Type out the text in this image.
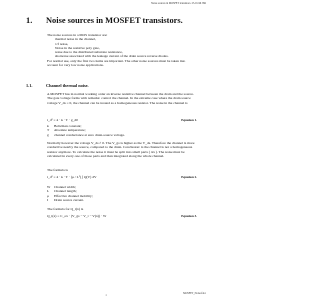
Noise sources in MOSFET transistors. 25-01-99 JSR
1. Noise sources in MOSFET transistors.

The noise sources in a MOS transistor are:

thermal noise in the channel,

1/f noise,

Noise in the resistive poly gate,

noise due to the distributed substrate resistance,

shotnoise associated with the leakage current of the drain source reverse diodes.

For normal use, only the first two items are important. The other noise sources must be taken into account for very low noise applications.

1.1.	Channel thermal noise.
A MOSFET has in normal working order an inverse resistive channel between the drain and the source. The gate voltage forms with remarks: control the channel. In the extreme case where the drain source voltage V_ds = 0, the channel can be treated as a homogeneous resistor. The noise in the channel is
i_d² = 4 · k · T · g_d0	Equation 1.
k	Boltzman constant;
T	Absolute temperature;
g	channel conductance at zero drain-source voltage.
Normally however the voltage V_ds ≠ 0. The V_gs is higher as the V_ds. Therefore the channel is more conductive nearby the source, compared to the drain. Conclusion: is the channel is not a homogeneous resistor anymore. To calculate the noise it must be split into small parts ( Δx ). The noise must be calculated in every one of those parts and than integrated along the whole channel.
The formula is
i_d² = 4 · k · T · (μ / L²) ∫ Q(V) dV	Equation 2.
W	Channel width;
L	Channel length;
μ	Effective channel mobility;
I	Drain source current.
The formula for Q_i(x) is
Q_i(x) = C_ox · (V_gs − V_t − V(x)) · W	Equation 3.
MOSFET_Noise.fdoc
1
